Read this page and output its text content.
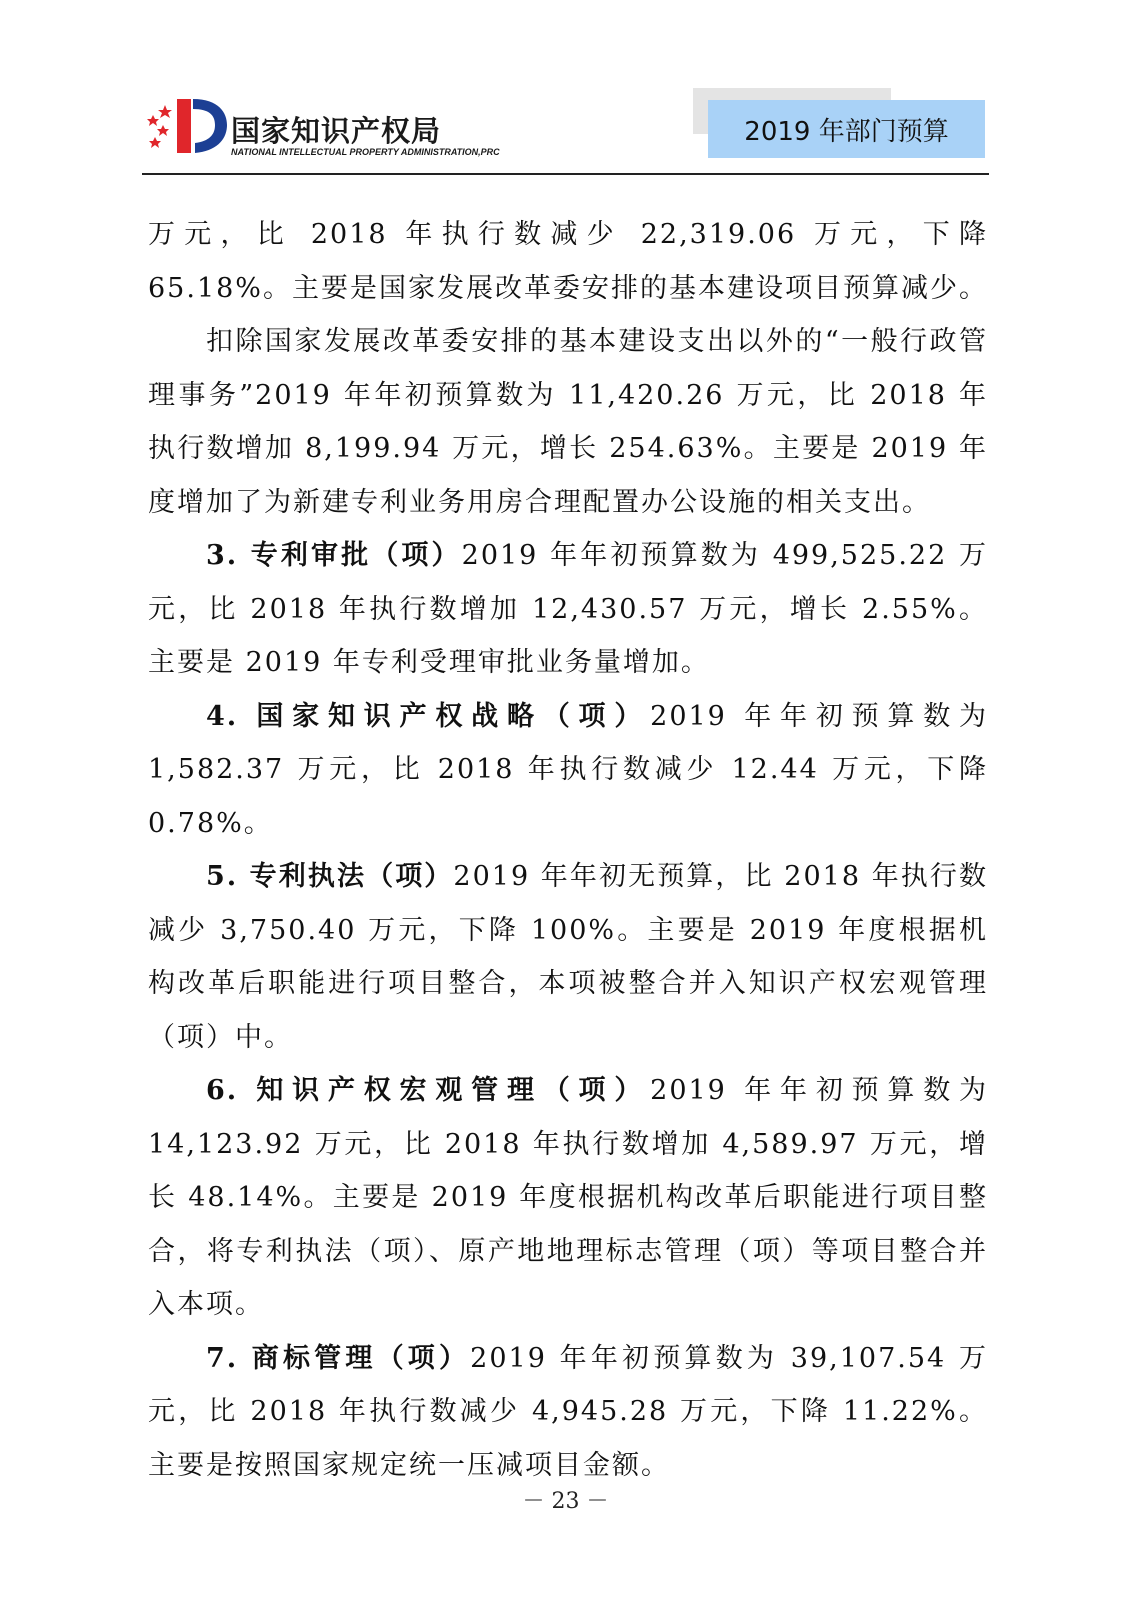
国家知识产权局
NATIONAL INTELLECTUAL PROPERTY ADMINISTRATION,PRC
2019 年部门预算

万元，比 2018 年执行数减少 22,319.06 万元，下降 65.18%。主要是国家发展改革委安排的基本建设项目预算减少。

扣除国家发展改革委安排的基本建设支出以外的“一般行政管理事务”2019 年年初预算数为 11,420.26 万元，比 2018 年执行数增加 8,199.94 万元，增长 254.63%。主要是 2019 年度增加了为新建专利业务用房合理配置办公设施的相关支出。

3. 专利审批（项）2019 年年初预算数为 499,525.22 万元，比 2018 年执行数增加 12,430.57 万元，增长 2.55%。主要是 2019 年专利受理审批业务量增加。

4. 国家知识产权战略（项）2019 年年初预算数为 1,582.37 万元，比 2018 年执行数减少 12.44 万元，下降 0.78%。

5. 专利执法（项）2019 年年初无预算，比 2018 年执行数减少 3,750.40 万元，下降 100%。主要是 2019 年度根据机构改革后职能进行项目整合，本项被整合并入知识产权宏观管理（项）中。

6. 知识产权宏观管理（项）2019 年年初预算数为 14,123.92 万元，比 2018 年执行数增加 4,589.97 万元，增长 48.14%。主要是 2019 年度根据机构改革后职能进行项目整合，将专利执法（项）、原产地地理标志管理（项）等项目整合并入本项。

7. 商标管理（项）2019 年年初预算数为 39,107.54 万元，比 2018 年执行数减少 4,945.28 万元，下降 11.22%。主要是按照国家规定统一压减项目金额。

－ 23 －
